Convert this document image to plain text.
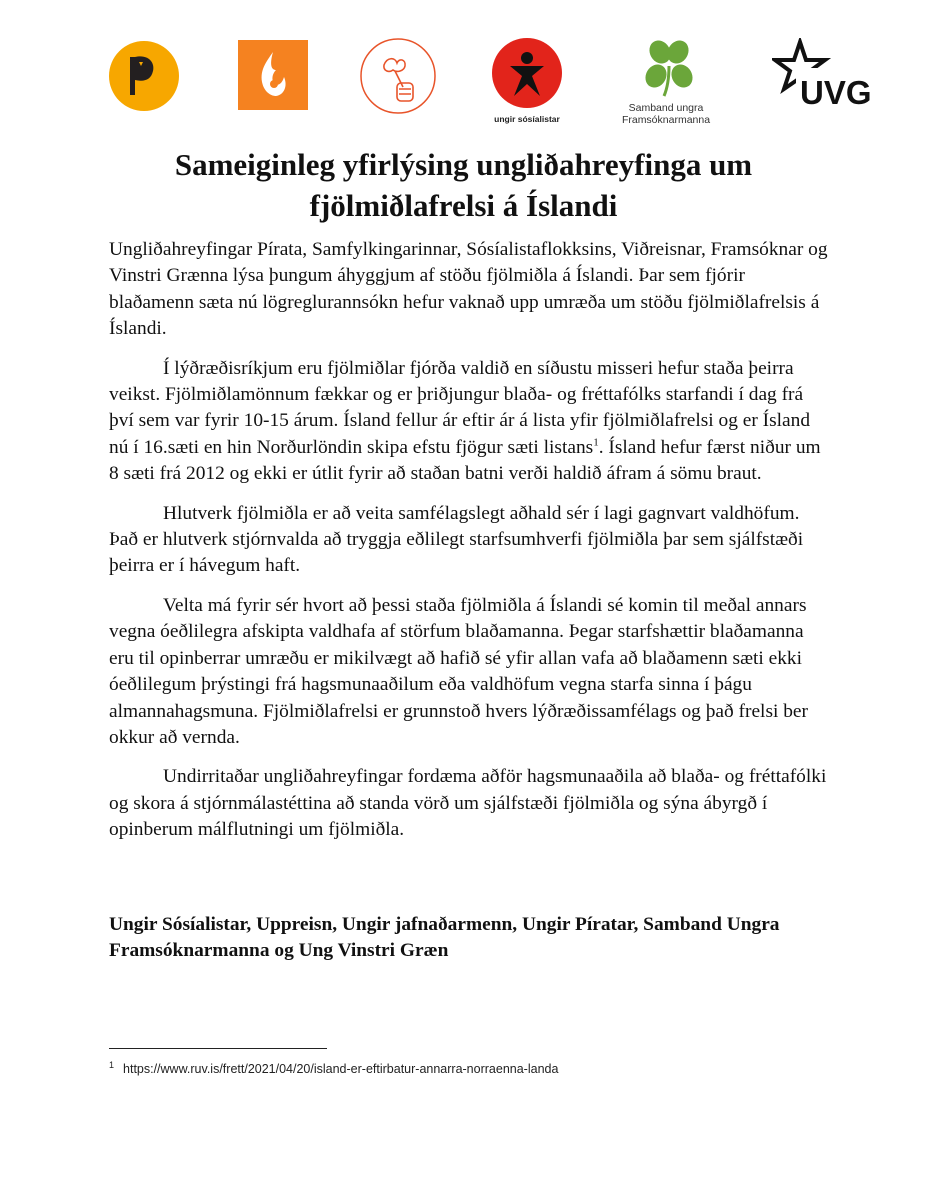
ungir sósíalistar
Samband ungra
Framsóknarmanna
UVG
Sameiginleg yfirlýsing ungliðahreyfinga um
fjölmiðlafrelsi á Íslandi

Ungliðahreyfingar Pírata, Samfylkingarinnar, Sósíalistaflokksins, Viðreisnar, Framsóknar og Vinstri Grænna lýsa þungum áhyggjum af stöðu fjölmiðla á Íslandi. Þar sem fjórir blaðamenn sæta nú lögreglurannsókn hefur vaknað upp umræða um stöðu fjölmiðlafrelsis á Íslandi.

Í lýðræðisríkjum eru fjölmiðlar fjórða valdið en síðustu misseri hefur staða þeirra veikst. Fjölmiðlamönnum fækkar og er þriðjungur blaða- og fréttafólks starfandi í dag frá því sem var fyrir 10-15 árum. Ísland fellur ár eftir ár á lista yfir fjölmiðlafrelsi og er Ísland nú í 16.sæti en hin Norðurlöndin skipa efstu fjögur sæti listans$^1$. Ísland hefur færst niður um 8 sæti frá 2012 og ekki er útlit fyrir að staðan batni verði haldið áfram á sömu braut.

Hlutverk fjölmiðla er að veita samfélagslegt aðhald sér í lagi gagnvart valdhöfum. Það er hlutverk stjórnvalda að tryggja eðlilegt starfsumhverfi fjölmiðla þar sem sjálfstæði þeirra er í hávegum haft.

Velta má fyrir sér hvort að þessi staða fjölmiðla á Íslandi sé komin til meðal annars vegna óeðlilegra afskipta valdhafa af störfum blaðamanna. Þegar starfshættir blaðamanna eru til opinberrar umræðu er mikilvægt að hafið sé yfir allan vafa að blaðamenn sæti ekki óeðlilegum þrýstingi frá hagsmunaaðilum eða valdhöfum vegna starfa sinna í þágu almannahagsmuna. Fjölmiðlafrelsi er grunnstoð hvers lýðræðissamfélags og það frelsi ber okkur að vernda.

Undirritaðar ungliðahreyfingar fordæma aðför hagsmunaaðila að blaða- og fréttafólki og skora á stjórnmálastéttina að standa vörð um sjálfstæði fjölmiðla og sýna ábyrgð í opinberum málflutningi um fjölmiðla.

Ungir Sósíalistar, Uppreisn, Ungir jafnaðarmenn, Ungir Píratar, Samband Ungra Framsóknarmanna og Ung Vinstri Græn

$^1$ https://www.ruv.is/frett/2021/04/20/island-er-eftirbatur-annarra-norraenna-landa
